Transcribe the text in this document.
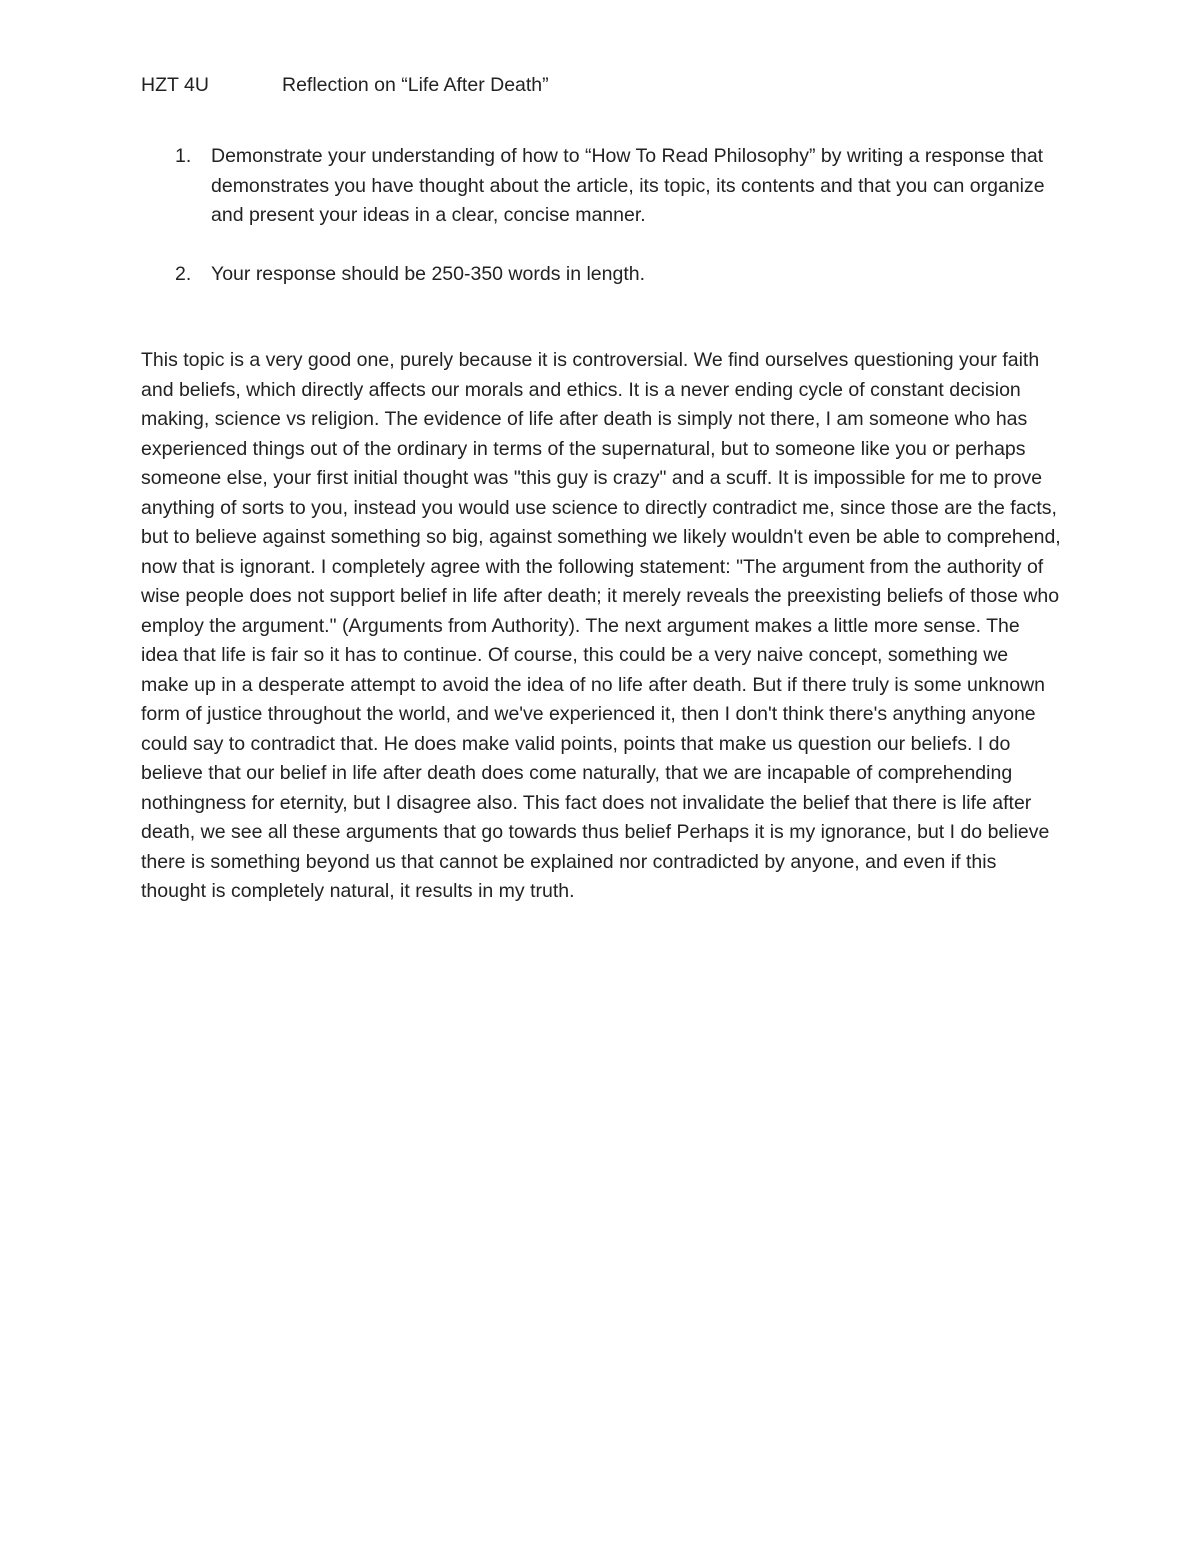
HZT 4U	Reflection on “Life After Death”
1. Demonstrate your understanding of how to “How To Read Philosophy” by writing a response that demonstrates you have thought about the article, its topic, its contents and that you can organize and present your ideas in a clear, concise manner.
2. Your response should be 250-350 words in length.

This topic is a very good one, purely because it is controversial. We find ourselves questioning your faith and beliefs, which directly affects our morals and ethics. It is a never ending cycle of constant decision making, science vs religion. The evidence of life after death is simply not there, I am someone who has experienced things out of the ordinary in terms of the supernatural, but to someone like you or perhaps someone else, your first initial thought was "this guy is crazy" and a scuff. It is impossible for me to prove anything of sorts to you, instead you would use science to directly contradict me, since those are the facts, but to believe against something so big, against something we likely wouldn't even be able to comprehend, now that is ignorant. I completely agree with the following statement: "The argument from the authority of wise people does not support belief in life after death; it merely reveals the preexisting beliefs of those who employ the argument." (Arguments from Authority). The next argument makes a little more sense. The idea that life is fair so it has to continue. Of course, this could be a very naive concept, something we make up in a desperate attempt to avoid the idea of no life after death. But if there truly is some unknown form of justice throughout the world, and we've experienced it, then I don't think there's anything anyone could say to contradict that. He does make valid points, points that make us question our beliefs. I do believe that our belief in life after death does come naturally, that we are incapable of comprehending nothingness for eternity, but I disagree also. This fact does not invalidate the belief that there is life after death, we see all these arguments that go towards thus belief Perhaps it is my ignorance, but I do believe there is something beyond us that cannot be explained nor contradicted by anyone, and even if this thought is completely natural, it results in my truth.
